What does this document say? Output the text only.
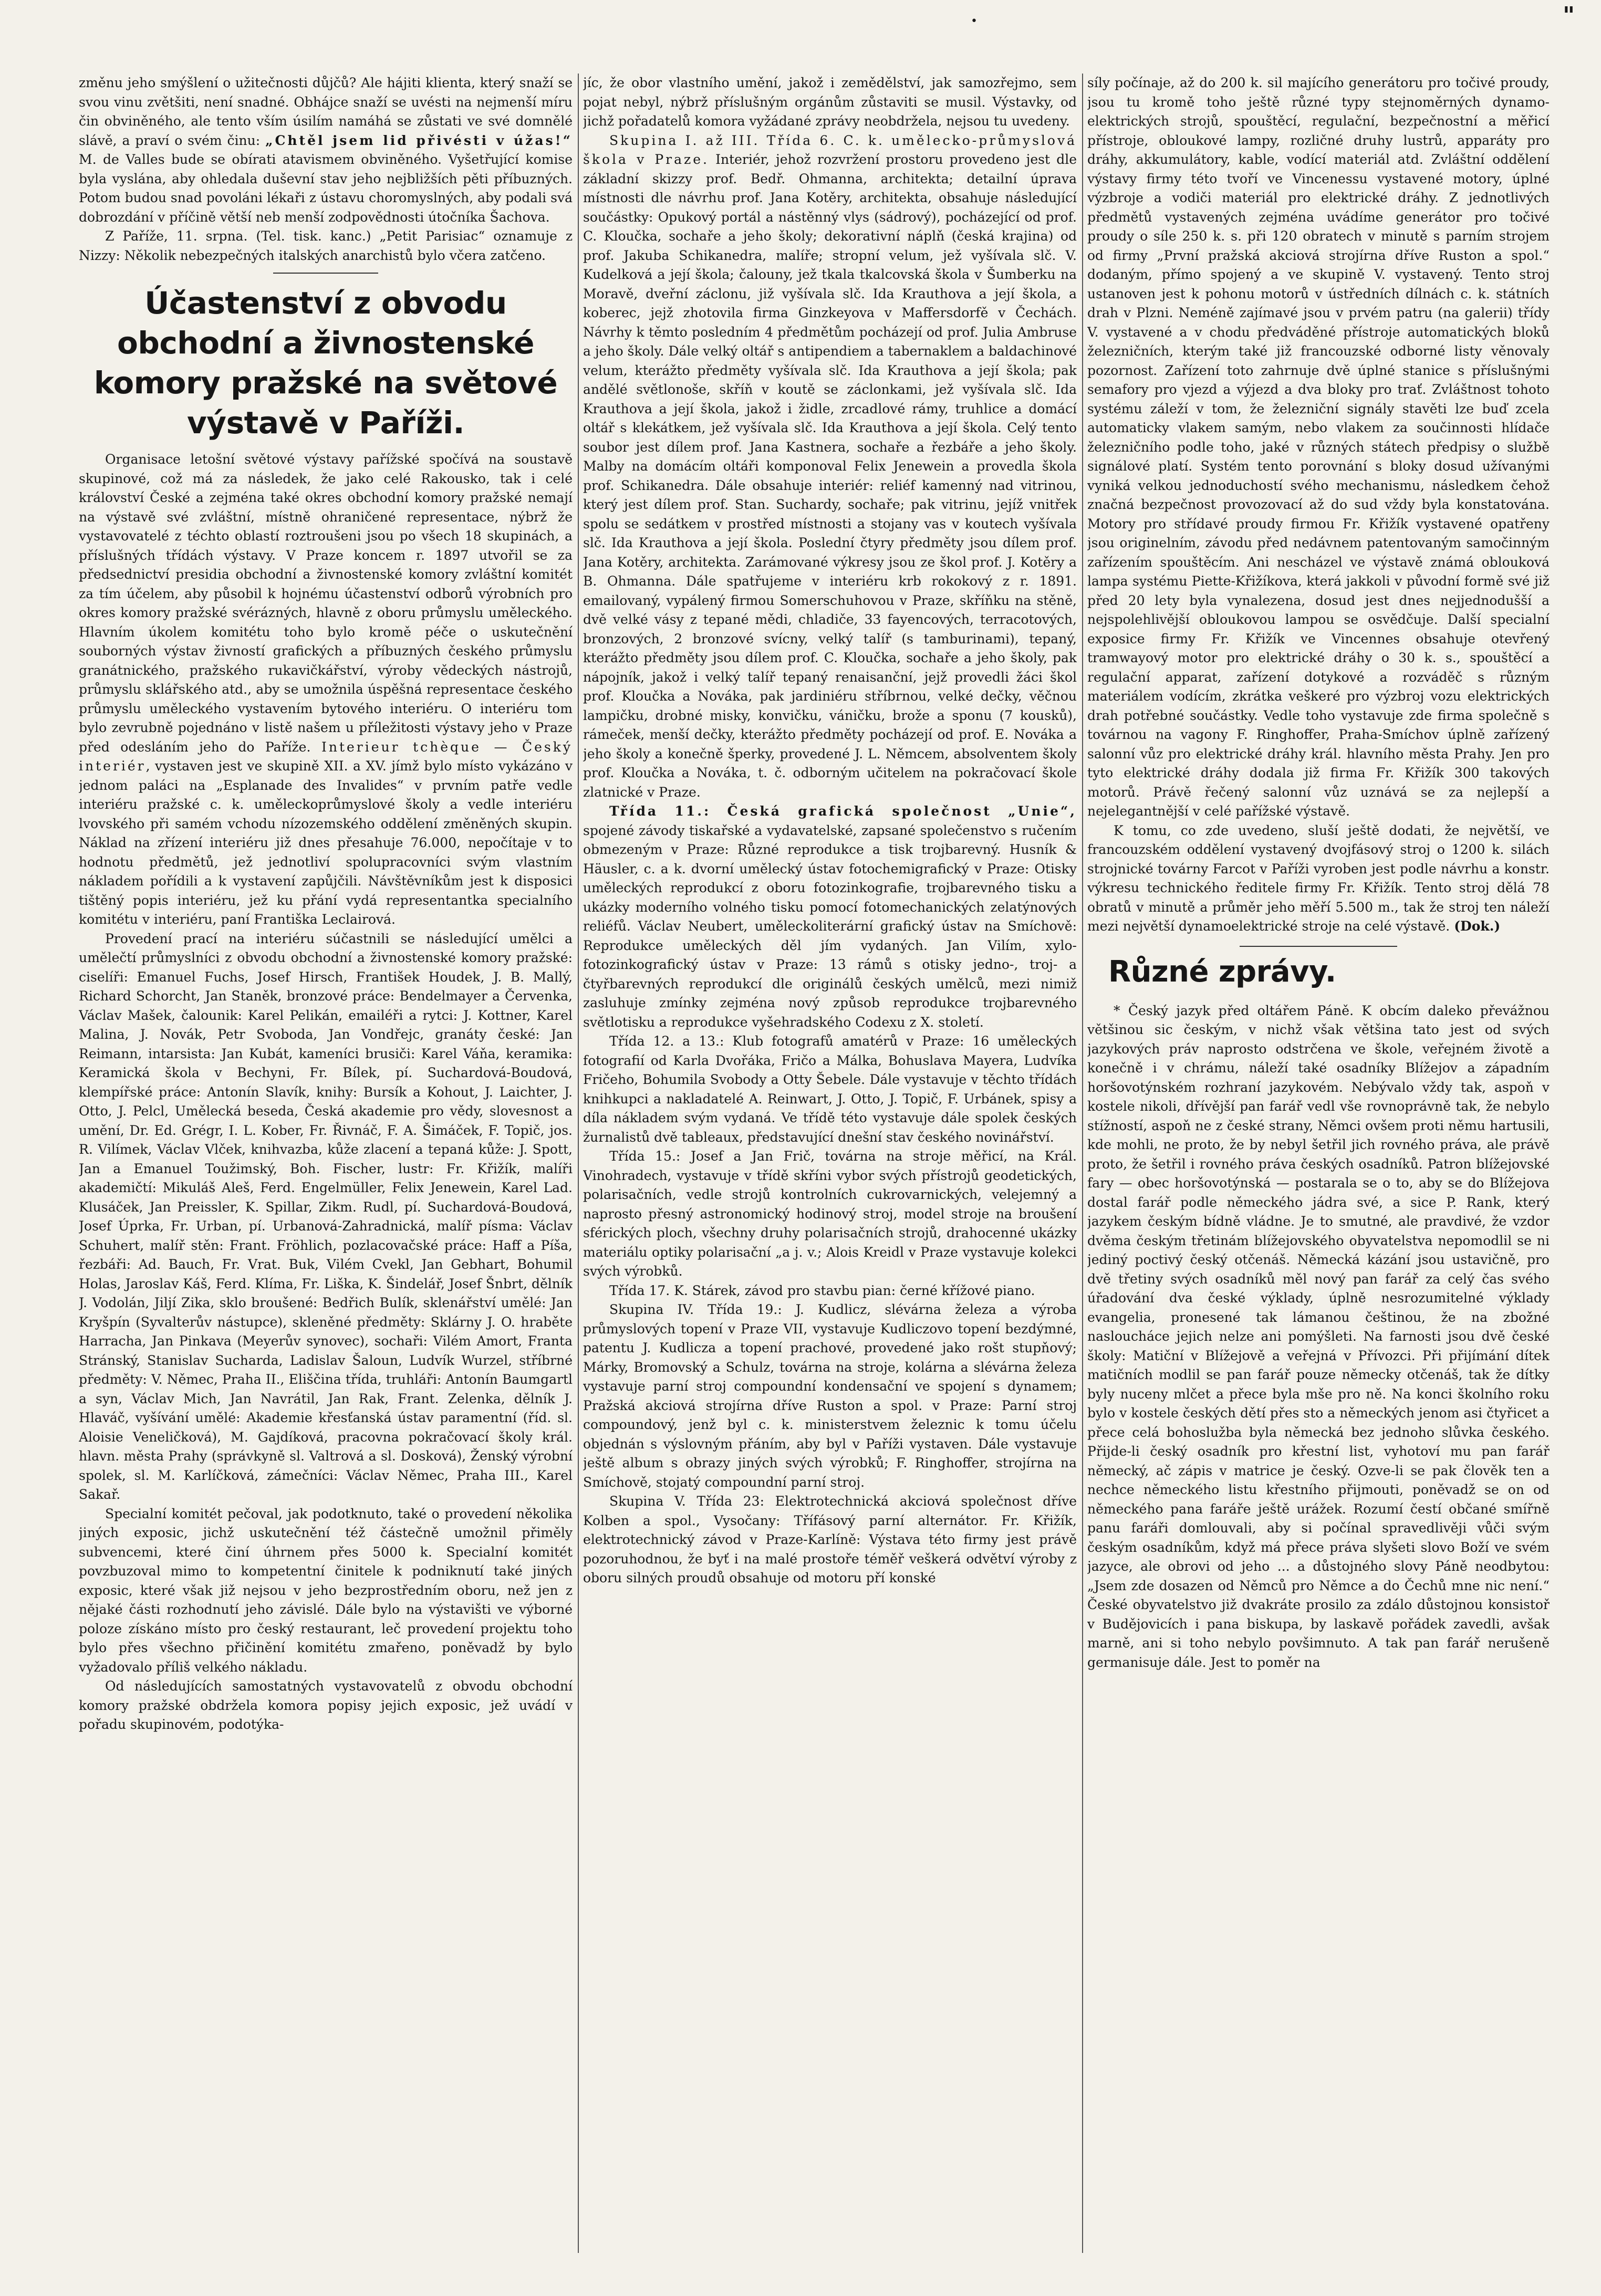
"
•

změnu jeho smýšlení o užitečnosti důjčů? Ale hájiti klienta, který snaží se svou vinu zvětšiti, není snadné. Obhájce snaží se uvésti na nejmenší míru čin obviněného, ale tento vším úsilím namáhá se zůstati ve své domnělé slávě, a praví o svém činu: „Chtěl jsem lid přivésti v úžas!“ M. de Valles bude se obírati atavismem obviněného. Vyšetřující komise byla vyslána, aby ohledala duševní stav jeho nejbližších pěti příbuzných. Potom budou snad povoláni lékaři z ústavu choromyslných, aby podali svá dobrozdání v příčině větší neb menší zodpovědnosti útočníka Šachova.

Z Paříže, 11. srpna. (Tel. tisk. kanc.) „Petit Parisiac“ oznamuje z Nizzy: Několik nebezpečných italských anarchistů bylo včera zatčeno.

Účastenství z obvodu obchodní a živnostenské komory pražské na světové výstavě v Paříži.

Organisace letošní světové výstavy pařížské spočívá na soustavě skupinové, což má za následek, že jako celé Rakousko, tak i celé království České a zejména také okres obchodní komory pražské nemají na výstavě své zvláštní, místně ohraničené representace, nýbrž že vystavovatelé z téchto oblastí roztroušeni jsou po všech 18 skupinách, a příslušných třídách výstavy. V Praze koncem r. 1897 utvořil se za předsednictví presidia obchodní a živnostenské komory zvláštní komitét za tím účelem, aby působil k hojnému účastenství odborů výrobních pro okres komory pražské svérázných, hlavně z oboru průmyslu uměleckého. Hlavním úkolem komitétu toho bylo kromě péče o uskutečnění souborných výstav živností grafických a příbuzných českého průmyslu granátnického, pražského rukavičkářství, výroby vědeckých nástrojů, průmyslu sklářského atd., aby se umožnila úspěšná representace českého průmyslu uměleckého vystavením bytového interiéru. O interiéru tom bylo zevrubně pojednáno v listě našem u příležitosti výstavy jeho v Praze před odesláním jeho do Paříže. Interieur tchèque — Český interiér, vystaven jest ve skupině XII. a XV. jímž bylo místo vykázáno v jednom paláci na „Esplanade des Invalides“ v prvním patře vedle interiéru pražské c. k. uměleckoprůmyslové školy a vedle interiéru lvovského při samém vchodu nízozemského oddělení změněných skupin. Náklad na zřízení interiéru již dnes přesahuje 76.000, nepočítaje v to hodnotu předmětů, jež jednotliví spolupracovníci svým vlastním nákladem pořídili a k vystavení zapůjčili. Návštěvníkům jest k disposici tištěný popis interiéru, jež ku přání vydá representantka specialního komitétu v interiéru, paní Františka Leclairová.

Provedení prací na interiéru súčastnili se následující umělci a umělečtí průmyslníci z obvodu obchodní a živnostenské komory pražské: ciselíři: Emanuel Fuchs, Josef Hirsch, František Houdek, J. B. Mallý, Richard Schorcht, Jan Staněk, bronzové práce: Bendelmayer a Červenka, Václav Mašek, čalounik: Karel Pelikán, emailéři a rytci: J. Kottner, Karel Malina, J. Novák, Petr Svoboda, Jan Vondřejc, granáty české: Jan Reimann, intarsista: Jan Kubát, kameníci brusiči: Karel Váňa, keramika: Keramická škola v Bechyni, Fr. Bílek, pí. Suchardová-Boudová, klempířské práce: Antonín Slavík, knihy: Bursík a Kohout, J. Laichter, J. Otto, J. Pelcl, Umělecká beseda, Česká akademie pro vědy, slovesnost a umění, Dr. Ed. Grégr, I. L. Kober, Fr. Řivnáč, F. A. Šimáček, F. Topič, jos. R. Vilímek, Václav Vlček, knihvazba, kůže zlacení a tepaná kůže: J. Spott, Jan a Emanuel Toužimský, Boh. Fischer, lustr: Fr. Křižík, malíři akademičtí: Mikuláš Aleš, Ferd. Engelmüller, Felix Jenewein, Karel Lad. Klusáček, Jan Preissler, K. Spillar, Zikm. Rudl, pí. Suchardová-Boudová, Josef Úprka, Fr. Urban, pí. Urbanová-Zahradnická, malíř písma: Václav Schuhert, malíř stěn: Frant. Fröhlich, pozlacovačské práce: Haff a Píša, řezbáři: Ad. Bauch, Fr. Vrat. Buk, Vilém Cvekl, Jan Gebhart, Bohumil Holas, Jaroslav Káš, Ferd. Klíma, Fr. Liška, K. Šindelář, Josef Šnbrt, dělník J. Vodolán, Jiljí Zika, sklo broušené: Bedřich Bulík, sklenářství umělé: Jan Kryšpín (Syvalterův nástupce), skleněné předměty: Sklárny J. O. hraběte Harracha, Jan Pinkava (Meyerův synovec), sochaři: Vilém Amort, Franta Stránský, Stanislav Sucharda, Ladislav Šaloun, Ludvík Wurzel, stříbrné předměty: V. Němec, Praha II., Eliščina třída, truhláři: Antonín Baumgartl a syn, Václav Mich, Jan Navrátil, Jan Rak, Frant. Zelenka, dělník J. Hlaváč, vyšívání umělé: Akademie křesťanská ústav paramentní (říd. sl. Aloisie Veneličková), M. Gajdíková, pracovna pokračovací školy král. hlavn. města Prahy (správkyně sl. Valtrová a sl. Dosková), Ženský výrobní spolek, sl. M. Karlíčková, zámečníci: Václav Němec, Praha III., Karel Sakař.

Specialní komitét pečoval, jak podotknuto, také o provedení několika jiných exposic, jichž uskutečnění též částečně umožnil přiměly subvencemi, které činí úhrnem přes 5000 k. Specialní komitét povzbuzoval mimo to kompetentní činitele k podniknutí také jiných exposic, které však již nejsou v jeho bezprostředním oboru, než jen z nějaké části rozhodnutí jeho závislé. Dále bylo na výstavišti ve výborné poloze získáno místo pro český restaurant, leč provedení projektu toho bylo přes všechno přičinění komitétu zmařeno, poněvadž by bylo vyžadovalo příliš velkého nákladu.

Od následujících samostatných vystavovatelů z obvodu obchodní komory pražské obdržela komora popisy jejich exposic, jež uvádí v pořadu skupinovém, podotýka-

jíc, že obor vlastního umění, jakož i zemědělství, jak samozřejmo, sem pojat nebyl, nýbrž příslušným orgánům zůstaviti se musil. Výstavky, od jichž pořadatelů komora vyžádané zprávy neobdržela, nejsou tu uvedeny.

Skupina I. až III. Třída 6. C. k. umělecko-průmyslová škola v Praze. Interiér, jehož rozvržení prostoru provedeno jest dle základní skizzy prof. Bedř. Ohmanna, architekta; detailní úprava místnosti dle návrhu prof. Jana Kotěry, architekta, obsahuje následující součástky: Opukový portál a nástěnný vlys (sádrový), pocházející od prof. C. Kloučka, sochaře a jeho školy; dekorativní náplň (česká krajina) od prof. Jakuba Schikanedra, malíře; stropní velum, jež vyšívala slč. V. Kudelková a její škola; čalouny, jež tkala tkalcovská škola v Šumberku na Moravě, dveřní záclonu, již vyšívala slč. Ida Krauthova a její škola, a koberec, jejž zhotovila firma Ginzkeyova v Maffersdorfě v Čechách. Návrhy k těmto posledním 4 předmětům pocházejí od prof. Julia Ambruse a jeho školy. Dále velký oltář s antipendiem a tabernaklem a baldachinové velum, kterážto předměty vyšívala slč. Ida Krauthova a její škola; pak andělé světlonoše, skříň v koutě se záclonkami, jež vyšívala slč. Ida Krauthova a její škola, jakož i židle, zrcadlové rámy, truhlice a domácí oltář s klekátkem, jež vyšívala slč. Ida Krauthova a její škola. Celý tento soubor jest dílem prof. Jana Kastnera, sochaře a řezbáře a jeho školy. Malby na domácím oltáři komponoval Felix Jenewein a provedla škola prof. Schikanedra. Dále obsahuje interiér: reliéf kamenný nad vitrinou, který jest dílem prof. Stan. Suchardy, sochaře; pak vitrinu, jejíž vnitřek spolu se sedátkem v prostřed místnosti a stojany vas v koutech vyšívala slč. Ida Krauthova a její škola. Poslední čtyry předměty jsou dílem prof. Jana Kotěry, architekta. Zarámované výkresy jsou ze škol prof. J. Kotěry a B. Ohmanna. Dále spatřujeme v interiéru krb rokokový z r. 1891. emailovaný, vypálený firmou Somerschuhovou v Praze, skříňku na stěně, dvě velké vásy z tepané mědi, chladiče, 33 fayencových, terracotových, bronzových, 2 bronzové svícny, velký talíř (s tamburinami), tepaný, kterážto předměty jsou dílem prof. C. Kloučka, sochaře a jeho školy, pak nápojník, jakož i velký talíř tepaný renaisanční, jejž provedli žáci škol prof. Kloučka a Nováka, pak jardiniéru stříbrnou, velké dečky, věčnou lampičku, drobné misky, konvičku, váničku, brože a sponu (7 kousků), rámeček, menší dečky, kterážto předměty pocházejí od prof. E. Nováka a jeho školy a konečně šperky, provedené J. L. Němcem, absolventem školy prof. Kloučka a Nováka, t. č. odborným učitelem na pokračovací škole zlatnické v Praze.

Třída 11.: Česká grafická společnost „Unie“, spojené závody tiskařské a vydavatelské, zapsané společenstvo s ručením obmezeným v Praze: Různé reprodukce a tisk trojbarevný. Husník & Häusler, c. a k. dvorní umělecký ústav fotochemigrafický v Praze: Otisky uměleckých reprodukcí z oboru fotozinkografie, trojbarevného tisku a ukázky moderního volného tisku pomocí fotomechanických zelatýnových reliéfů. Václav Neubert, uměleckoliterární grafický ústav na Smíchově: Reprodukce uměleckých děl jím vydaných. Jan Vilím, xylo-fotozinkografický ústav v Praze: 13 rámů s otisky jedno-, troj- a čtyřbarevných reprodukcí dle originálů českých umělců, mezi nimiž zasluhuje zmínky zejména nový způsob reprodukce trojbarevného světlotisku a reprodukce vyšehradského Codexu z X. století.

Třída 12. a 13.: Klub fotografů amatérů v Praze: 16 uměleckých fotografií od Karla Dvořáka, Fričo a Málka, Bohuslava Mayera, Ludvíka Fričeho, Bohumila Svobody a Otty Šebele. Dále vystavuje v těchto třídách knihkupci a nakladatelé A. Reinwart, J. Otto, J. Topič, F. Urbánek, spisy a díla nákladem svým vydaná. Ve třídě této vystavuje dále spolek českých žurnalistů dvě tableaux, představující dnešní stav českého novinářství.

Třída 15.: Josef a Jan Frič, továrna na stroje měřicí, na Král. Vinohradech, vystavuje v třídě skříni vybor svých přístrojů geodetických, polarisačních, vedle strojů kontrolních cukrovarnických, velejemný a naprosto přesný astronomický hodinový stroj, model stroje na broušení sférických ploch, všechny druhy polarisačních strojů, drahocenné ukázky materiálu optiky polarisační „a j. v.; Alois Kreidl v Praze vystavuje kolekci svých výrobků.

Třída 17. K. Stárek, závod pro stavbu pian: černé křížové piano.

Skupina IV. Třída 19.: J. Kudlicz, slévárna železa a výroba průmyslových topení v Praze VII, vystavuje Kudliczovo topení bezdýmné, patentu J. Kudlicza a topení prachové, provedené jako rošt stupňový; Márky, Bromovský a Schulz, továrna na stroje, kolárna a slévárna železa vystavuje parní stroj compoundní kondensační ve spojení s dynamem; Pražská akciová strojírna dříve Ruston a spol. v Praze: Parní stroj compoundový, jenž byl c. k. ministerstvem železnic k tomu účelu objednán s výslovným přáním, aby byl v Paříži vystaven. Dále vystavuje ještě album s obrazy jiných svých výrobků; F. Ringhoffer, strojírna na Smíchově, stojatý compoundní parní stroj.

Skupina V. Třída 23: Elektrotechnická akciová společnost dříve Kolben a spol., Vysočany: Třífásový parní alternátor. Fr. Křižík, elektrotechnický závod v Praze-Karlíně: Výstava této firmy jest právě pozoruhodnou, že byť i na malé prostoře téměř veškerá odvětví výroby z oboru silných proudů obsahuje od motoru pří konské

síly počínaje, až do 200 k. sil majícího generátoru pro točivé proudy, jsou tu kromě toho ještě různé typy stejnoměrných dynamo-elektrických strojů, spouštěcí, regulační, bezpečnostní a měřicí přístroje, obloukové lampy, rozličné druhy lustrů, apparáty pro dráhy, akkumulátory, kable, vodící materiál atd. Zvláštní oddělení výstavy firmy této tvoří ve Vincenessu vystavené motory, úplné výzbroje a vodiči materiál pro elektrické dráhy. Z jednotlivých předmětů vystavených zejména uvádíme generátor pro točivé proudy o síle 250 k. s. při 120 obratech v minutě s parním strojem od firmy „První pražská akciová strojírna dříve Ruston a spol.“ dodaným, přímo spojený a ve skupině V. vystavený. Tento stroj ustanoven jest k pohonu motorů v ústředních dílnách c. k. státních drah v Plzni. Neméně zajímavé jsou v prvém patru (na galerii) třídy V. vystavené a v chodu předváděné přístroje automatických bloků železničních, kterým také již francouzské odborné listy věnovaly pozornost. Zařízení toto zahrnuje dvě úplné stanice s příslušnými semafory pro vjezd a výjezd a dva bloky pro trať. Zvláštnost tohoto systému záleží v tom, že železniční signály stavěti lze buď zcela automaticky vlakem samým, nebo vlakem za součinnosti hlídače železničního podle toho, jaké v různých státech předpisy o službě signálové platí. Systém tento porovnání s bloky dosud užívanými vyniká velkou jednoduchostí svého mechanismu, následkem čehož značná bezpečnost provozovací až do sud vždy byla konstatována. Motory pro střídavé proudy firmou Fr. Křižík vystavené opatřeny jsou originelním, závodu před nedávnem patentovaným samočinným zařízením spouštěcím. Ani nescházel ve výstavě známá oblouková lampa systému Piette-Křižíkova, která jakkoli v původní formě své již před 20 lety byla vynalezena, dosud jest dnes nejjednodušší a nejspolehlivější obloukovou lampou se osvědčuje. Další specialní exposice firmy Fr. Křižík ve Vincennes obsahuje otevřený tramwayový motor pro elektrické dráhy o 30 k. s., spouštěcí a regulační apparat, zařízení dotykové a rozváděč s různým materiálem vodícím, zkrátka veškeré pro výzbroj vozu elektrických drah potřebné součástky. Vedle toho vystavuje zde firma společně s továrnou na vagony F. Ringhoffer, Praha-Smíchov úplně zařízený salonní vůz pro elektrické dráhy král. hlavního města Prahy. Jen pro tyto elektrické dráhy dodala již firma Fr. Křižík 300 takových motorů. Právě řečený salonní vůz uznává se za nejlepší a nejelegantnější v celé pařížské výstavě.

K tomu, co zde uvedeno, sluší ještě dodati, že největší, ve francouzském oddělení vystavený dvojfásový stroj o 1200 k. silách strojnické továrny Farcot v Paříži vyroben jest podle návrhu a konstr. výkresu technického ředitele firmy Fr. Křižík. Tento stroj dělá 78 obratů v minutě a průměr jeho měří 5.500 m., tak že stroj ten náleží mezi největší dynamoelektrické stroje na celé výstavě. (Dok.)

Různé zprávy.

* Český jazyk před oltářem Páně. K obcím daleko převážnou většinou sic českým, v nichž však většina tato jest od svých jazykových práv naprosto odstrčena ve škole, veřejném životě a konečně i v chrámu, náleží také osadníky Blížejov a západním horšovotýnském rozhraní jazykovém. Nebývalo vždy tak, aspoň v kostele nikoli, dřívější pan farář vedl vše rovnoprávně tak, že nebylo stížností, aspoň ne z české strany, Němci ovšem proti němu hartusili, kde mohli, ne proto, že by nebyl šetřil jich rovného práva, ale právě proto, že šetřil i rovného práva českých osadníků. Patron blížejovské fary — obec horšovotýnská — postarala se o to, aby se do Blížejova dostal farář podle německého jádra své, a sice P. Rank, který jazykem českým bídně vládne. Je to smutné, ale pravdivé, že vzdor dvěma českým třetinám blížejovského obyvatelstva nepomodlil se ni jediný poctivý český otčenáš. Německá kázání jsou ustavičně, pro dvě třetiny svých osadníků měl nový pan farář za celý čas svého úřadování dva české výklady, úplně nesrozumitelné výklady evangelia, pronesené tak lámanou češtinou, že na zbožné nasloucháce jejich nelze ani pomýšleti. Na farnosti jsou dvě české školy: Matiční v Blížejově a veřejná v Přívozci. Při přijímání dítek matičních modlil se pan farář pouze německy otčenáš, tak že dítky byly nuceny mlčet a přece byla mše pro ně. Na konci školního roku bylo v kostele českých dětí přes sto a německých jenom asi čtyřicet a přece celá bohoslužba byla německá bez jednoho slůvka českého. Přijde-li český osadník pro křestní list, vyhotoví mu pan farář německý, ač zápis v matrice je český. Ozve-li se pak člověk ten a nechce německého listu křestního přijmouti, poněvadž se on od německého pana faráře ještě urážek. Rozumí čestí občané smířně panu faráři domlouvali, aby si počínal spravedlivěji vůči svým českým osadníkům, když má přece práva slyšeti slovo Boží ve svém jazyce, ale obrovi od jeho ... a důstojného slovy Páně neodbytou: „Jsem zde dosazen od Němců pro Němce a do Čechů mne nic není.“ České obyvatelstvo již dvakráte prosilo za zdálo důstojnou konsistoř v Budějovicích i pana biskupa, by laskavě pořádek zavedli, avšak marně, ani si toho nebylo povšimnuto. A tak pan farář nerušeně germanisuje dále. Jest to poměr na
